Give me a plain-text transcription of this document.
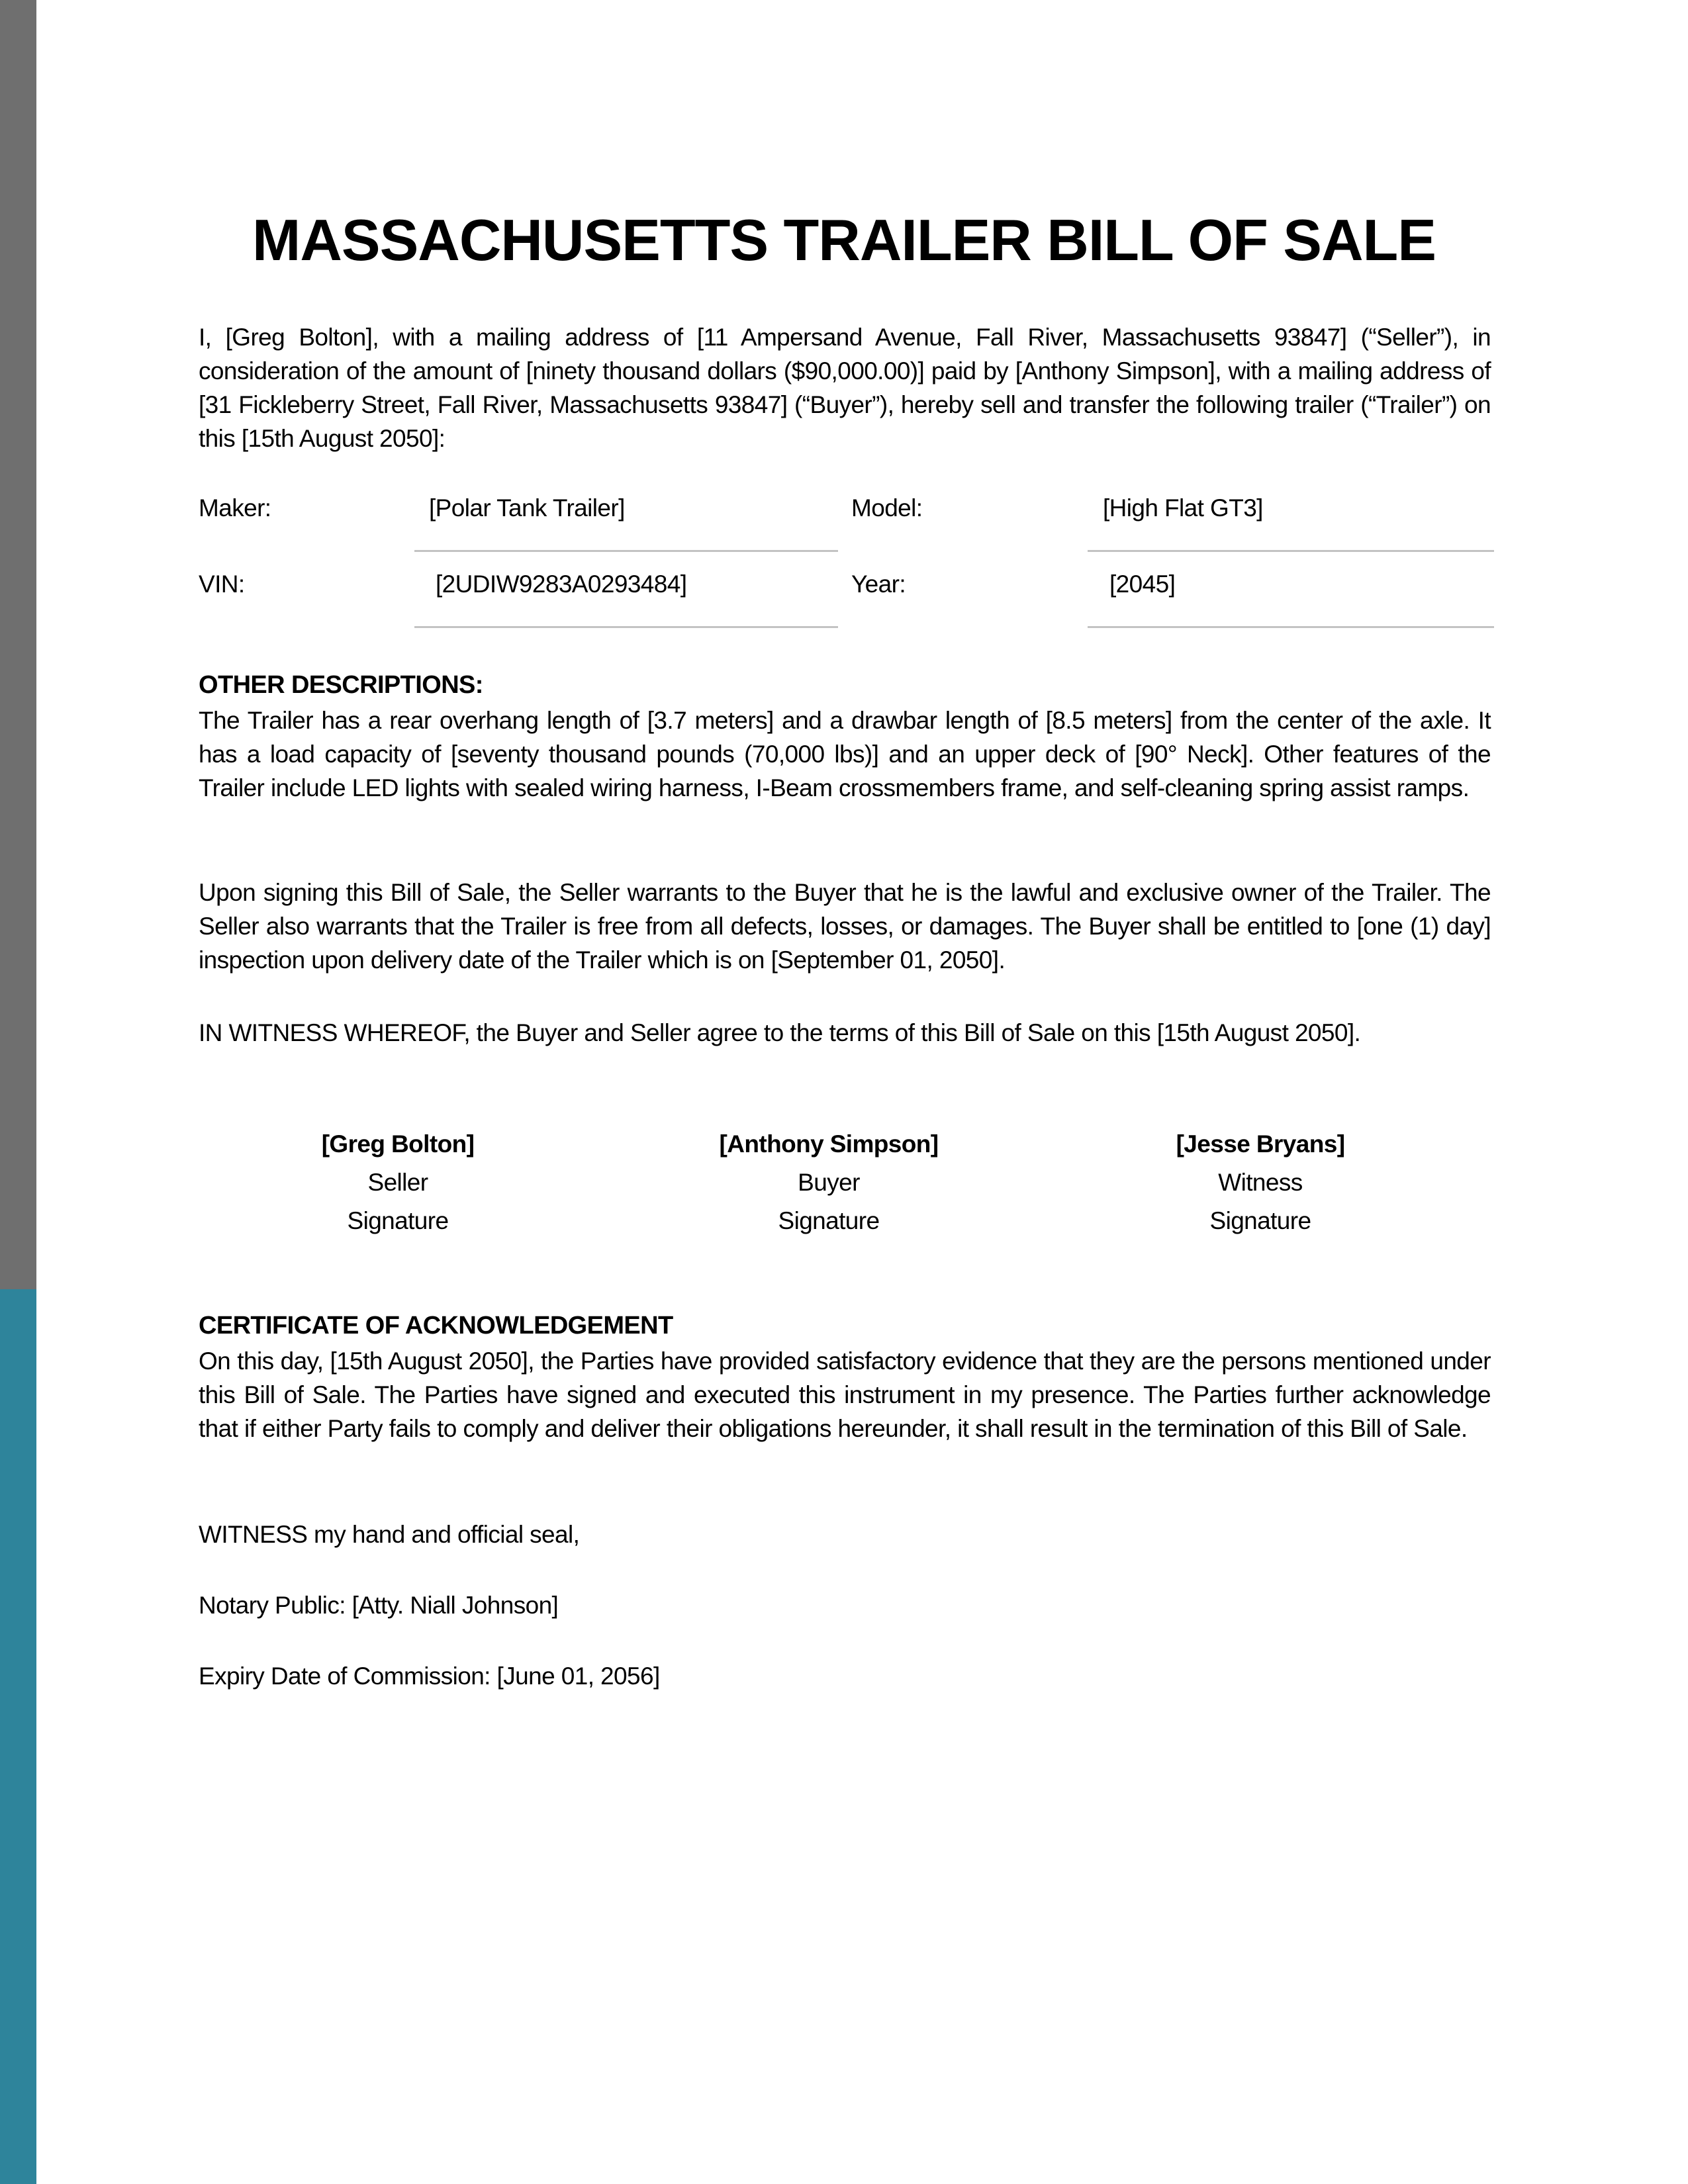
MASSACHUSETTS TRAILER BILL OF SALE
I, [Greg Bolton], with a mailing address of [11 Ampersand Avenue, Fall River, Massachusetts 93847] (“Seller”), in consideration of the amount of [ninety thousand dollars ($90,000.00)] paid by [Anthony Simpson], with a mailing address of [31 Fickleberry Street, Fall River, Massachusetts 93847] (“Buyer”), hereby sell and transfer the following trailer (“Trailer”) on this [15th August 2050]:
Maker:	[Polar Tank Trailer]	Model:	[High Flat GT3]
VIN:	[2UDIW9283A0293484]	Year:	[2045]
OTHER DESCRIPTIONS:
The Trailer has a rear overhang length of [3.7 meters] and a drawbar length of [8.5 meters] from the center of the axle. It has a load capacity of [seventy thousand pounds (70,000 lbs)] and an upper deck of [90° Neck]. Other features of the Trailer include LED lights with sealed wiring harness, I-Beam crossmembers frame, and self-cleaning spring assist ramps.
Upon signing this Bill of Sale, the Seller warrants to the Buyer that he is the lawful and exclusive owner of the Trailer. The Seller also warrants that the Trailer is free from all defects, losses, or damages. The Buyer shall be entitled to [one (1) day] inspection upon delivery date of the Trailer which is on [September 01, 2050].
IN WITNESS WHEREOF, the Buyer and Seller agree to the terms of this Bill of Sale on this [15th August 2050].
[Greg Bolton]
Seller
Signature
[Anthony Simpson]
Buyer
Signature
[Jesse Bryans]
Witness
Signature
CERTIFICATE OF ACKNOWLEDGEMENT
On this day, [15th August 2050], the Parties have provided satisfactory evidence that they are the persons mentioned under this Bill of Sale. The Parties have signed and executed this instrument in my presence. The Parties further acknowledge that if either Party fails to comply and deliver their obligations hereunder, it shall result in the termination of this Bill of Sale.
WITNESS my hand and official seal,
Notary Public: [Atty. Niall Johnson]
Expiry Date of Commission: [June 01, 2056]
